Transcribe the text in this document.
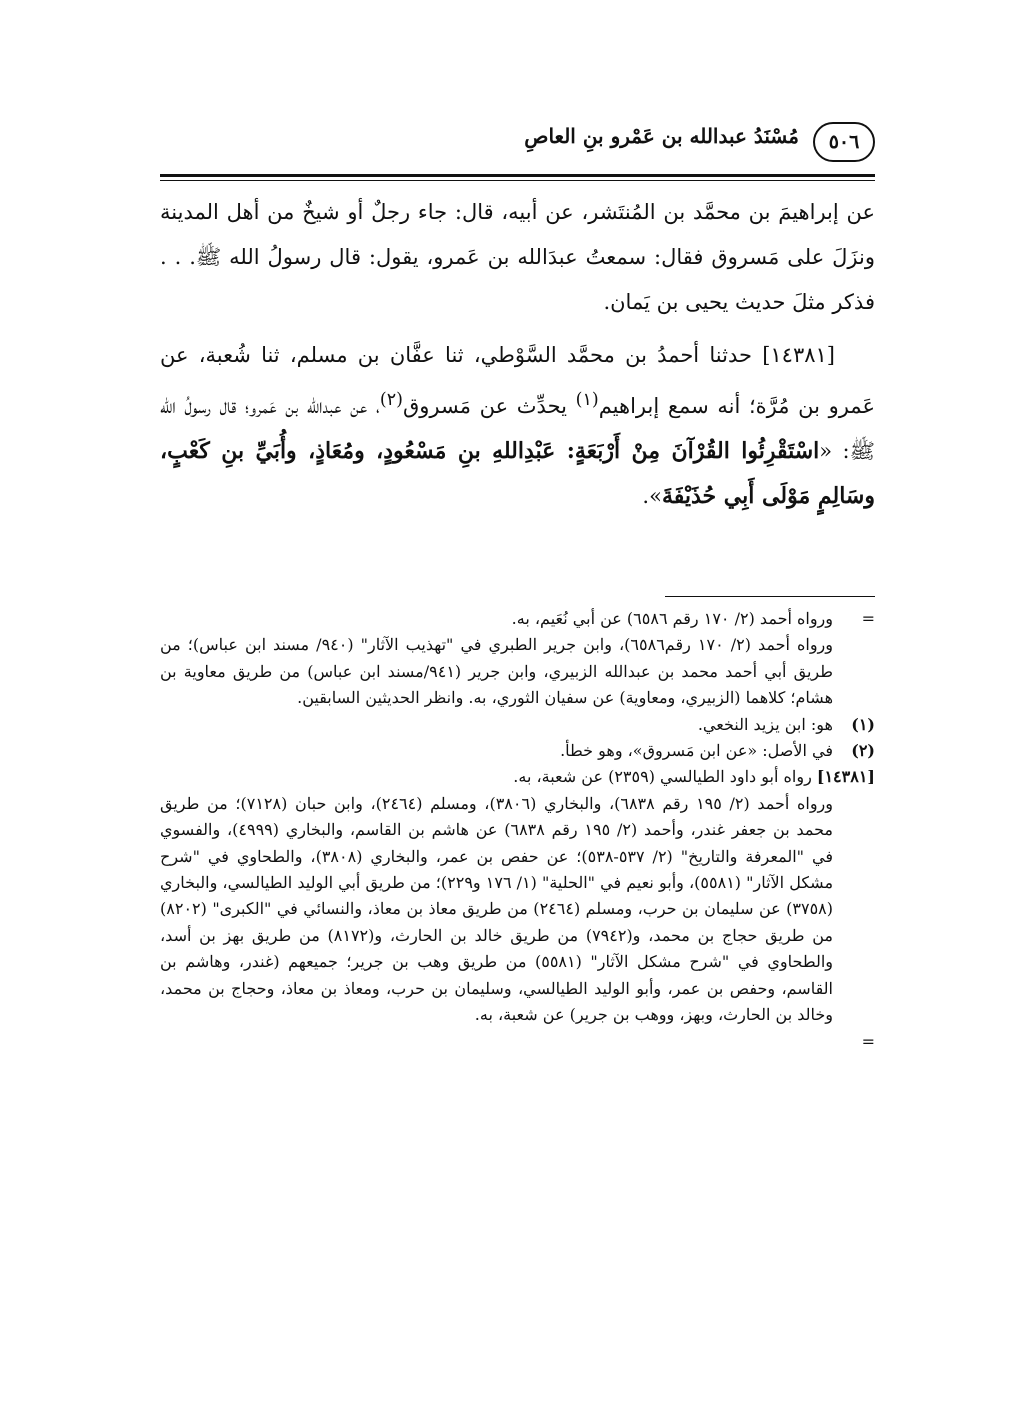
٥٠٦
مُسْنَدُ عبدالله بن عَمْرو بنِ العاصِ

عن إبراهيمَ بن محمَّد بن المُنتَشر، عن أبيه، قال: جاء رجلٌ أو شيخٌ من أهل المدينة ونزَلَ على مَسروق فقال: سمعتُ عبدَالله بن عَمرو، يقول: قال رسولُ الله ﷺ. . . فذكر مثلَ حديث يحيى بن يَمان.

[١٤٣٨١] حدثنا أحمدُ بن محمَّد السَّوْطي، ثنا عفَّان بن مسلم، ثنا شُعبة، عن عَمرو بن مُرَّة؛ أنه سمع إبراهيم$^{(١)}$ يحدِّث عن مَسروق$^{(٢)}$، عن عبدالله بن عَمرو؛ قال رسولُ الله ﷺ: «اسْتَقْرِئُوا القُرْآنَ مِنْ أَرْبَعَةٍ: عَبْدِاللهِ بنِ مَسْعُودٍ، ومُعَاذٍ، وأُبَيِّ بنِ كَعْبٍ، وسَالِمٍ مَوْلَى أَبِي حُذَيْفَةَ».

=
ورواه أحمد (٢/ ١٧٠ رقم ٦٥٨٦) عن أبي نُعَيم، به.

ورواه أحمد (٢/ ١٧٠ رقم٦٥٨٦)، وابن جرير الطبري في "تهذيب الآثار" (٩٤٠/ مسند ابن عباس)؛ من طريق أبي أحمد محمد بن عبدالله الزبيري، وابن جرير (٩٤١/مسند ابن عباس) من طريق معاوية بن هشام؛ كلاهما (الزبيري، ومعاوية) عن سفيان الثوري، به. وانظر الحديثين السابقين.

(١)هو: ابن يزيد النخعي.

(٢)في الأصل: «عن ابن مَسروق»، وهو خطأ.

[١٤٣٨١] رواه أبو داود الطيالسي (٢٣٥٩) عن شعبة، به.

ورواه أحمد (٢/ ١٩٥ رقم ٦٨٣٨)، والبخاري (٣٨٠٦)، ومسلم (٢٤٦٤)، وابن حبان (٧١٢٨)؛ من طريق محمد بن جعفر غندر، وأحمد (٢/ ١٩٥ رقم ٦٨٣٨) عن هاشم بن القاسم، والبخاري (٤٩٩٩)، والفسوي في "المعرفة والتاريخ" (٢/ ٥٣٧-٥٣٨)؛ عن حفص بن عمر، والبخاري (٣٨٠٨)، والطحاوي في "شرح مشكل الآثار" (٥٥٨١)، وأبو نعيم في "الحلية" (١/ ١٧٦ و٢٢٩)؛ من طريق أبي الوليد الطيالسي، والبخاري (٣٧٥٨) عن سليمان بن حرب، ومسلم (٢٤٦٤) من طريق معاذ بن معاذ، والنسائي في "الكبرى" (٨٢٠٢) من طريق حجاج بن محمد، و(٧٩٤٢) من طريق خالد بن الحارث، و(٨١٧٢) من طريق بهز بن أسد، والطحاوي في "شرح مشكل الآثار" (٥٥٨١) من طريق وهب بن جرير؛ جميعهم (غندر، وهاشم بن القاسم، وحفص بن عمر، وأبو الوليد الطيالسي، وسليمان بن حرب، ومعاذ بن معاذ، وحجاج بن محمد، وخالد بن الحارث، وبهز، ووهب بن جرير) عن شعبة، به.

=
